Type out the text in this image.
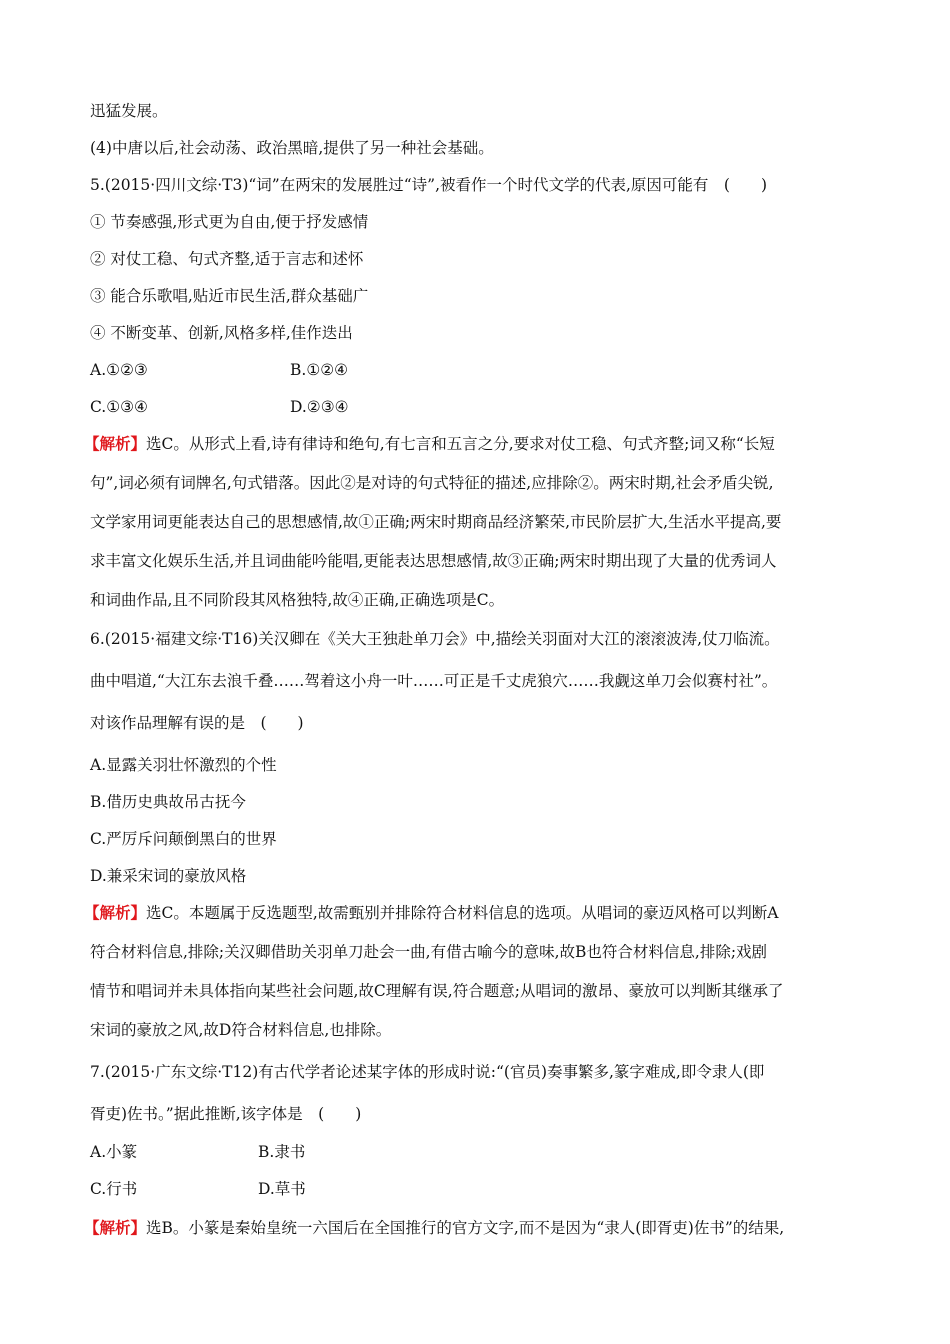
迅猛发展。
(4)中唐以后,社会动荡、政治黑暗,提供了另一种社会基础。
5.(2015·四川文综·T3)“词”在两宋的发展胜过“诗”,被看作一个时代文学的代表,原因可能有　(　　)
① 节奏感强,形式更为自由,便于抒发感情
② 对仗工稳、句式齐整,适于言志和述怀
③ 能合乐歌唱,贴近市民生活,群众基础广
④ 不断变革、创新,风格多样,佳作迭出
A.①②③	B.①②④
C.①③④	D.②③④
【解析】选C。从形式上看,诗有律诗和绝句,有七言和五言之分,要求对仗工稳、句式齐整;词又称“长短
句”,词必须有词牌名,句式错落。因此②是对诗的句式特征的描述,应排除②。两宋时期,社会矛盾尖锐,
文学家用词更能表达自己的思想感情,故①正确;两宋时期商品经济繁荣,市民阶层扩大,生活水平提高,要
求丰富文化娱乐生活,并且词曲能吟能唱,更能表达思想感情,故③正确;两宋时期出现了大量的优秀词人
和词曲作品,且不同阶段其风格独特,故④正确,正确选项是C。
6.(2015·福建文综·T16)关汉卿在《关大王独赴单刀会》中,描绘关羽面对大江的滚滚波涛,仗刀临流。
曲中唱道,“大江东去浪千叠……驾着这小舟一叶……可正是千丈虎狼穴……我觑这单刀会似赛村社”。
对该作品理解有误的是　(　　)
A.显露关羽壮怀激烈的个性
B.借历史典故吊古抚今
C.严厉斥问颠倒黑白的世界
D.兼采宋词的豪放风格
【解析】选C。本题属于反选题型,故需甄别并排除符合材料信息的选项。从唱词的豪迈风格可以判断A
符合材料信息,排除;关汉卿借助关羽单刀赴会一曲,有借古喻今的意味,故B也符合材料信息,排除;戏剧
情节和唱词并未具体指向某些社会问题,故C理解有误,符合题意;从唱词的激昂、豪放可以判断其继承了
宋词的豪放之风,故D符合材料信息,也排除。
7.(2015·广东文综·T12)有古代学者论述某字体的形成时说:“(官员)奏事繁多,篆字难成,即令隶人(即
胥吏)佐书。”据此推断,该字体是　(　　)
A.小篆	B.隶书
C.行书	D.草书
【解析】选B。小篆是秦始皇统一六国后在全国推行的官方文字,而不是因为“隶人(即胥吏)佐书”的结果,
